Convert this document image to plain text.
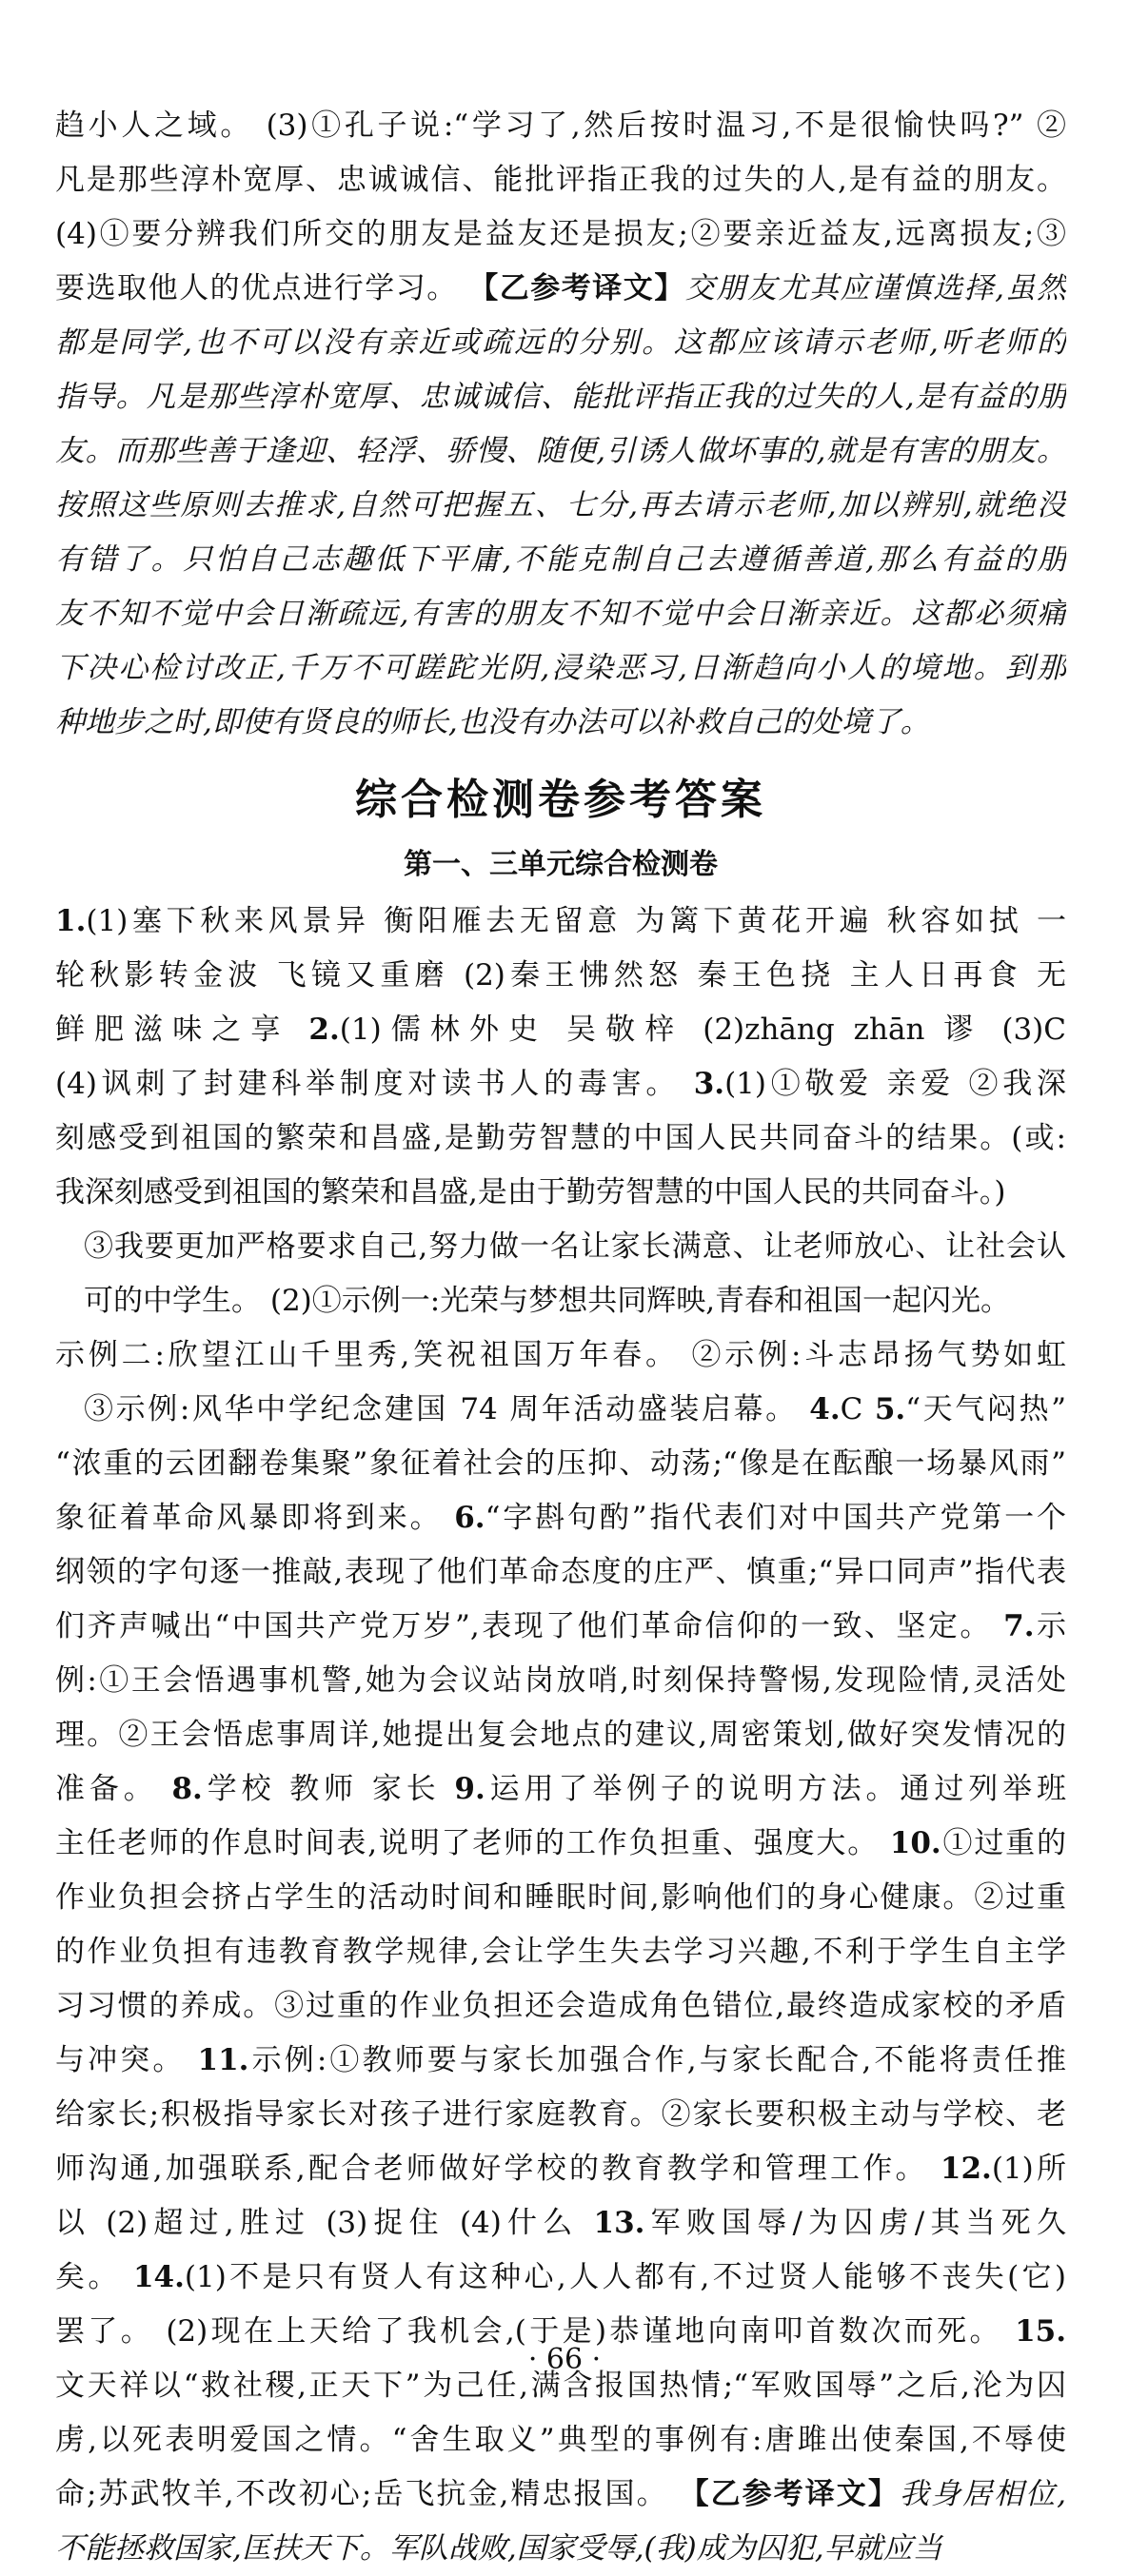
趋小人之域。 (3)①孔子说:“学习了,然后按时温习,不是很愉快吗?” ②

凡是那些淳朴宽厚、忠诚诚信、能批评指正我的过失的人,是有益的朋友。

(4)①要分辨我们所交的朋友是益友还是损友;②要亲近益友,远离损友;③

要选取他人的优点进行学习。 【乙参考译文】交朋友尤其应谨慎选择,虽然

都是同学,也不可以没有亲近或疏远的分别。这都应该请示老师,听老师的

指导。凡是那些淳朴宽厚、忠诚诚信、能批评指正我的过失的人,是有益的朋

友。而那些善于逢迎、轻浮、骄慢、随便,引诱人做坏事的,就是有害的朋友。

按照这些原则去推求,自然可把握五、七分,再去请示老师,加以辨别,就绝没

有错了。只怕自己志趣低下平庸,不能克制自己去遵循善道,那么有益的朋

友不知不觉中会日渐疏远,有害的朋友不知不觉中会日渐亲近。这都必须痛

下决心检讨改正,千万不可蹉跎光阴,浸染恶习,日渐趋向小人的境地。到那

种地步之时,即使有贤良的师长,也没有办法可以补救自己的处境了。

综合检测卷参考答案
第一、三单元综合检测卷

1.(1)塞下秋来风景异 衡阳雁去无留意 为篱下黄花开遍 秋容如拭 一

轮秋影转金波 飞镜又重磨 (2)秦王怫然怒 秦王色挠 主人日再食 无

鲜肥滋味之享 2.(1)儒林外史 吴敬梓 (2)zhāng zhān 谬 (3)C

(4)讽刺了封建科举制度对读书人的毒害。 3.(1)①敬爱 亲爱 ②我深

刻感受到祖国的繁荣和昌盛,是勤劳智慧的中国人民共同奋斗的结果。(或:

我深刻感受到祖国的繁荣和昌盛,是由于勤劳智慧的中国人民的共同奋斗。)

③我要更加严格要求自己,努力做一名让家长满意、让老师放心、让社会认

可的中学生。 (2)①示例一:光荣与梦想共同辉映,青春和祖国一起闪光。

示例二:欣望江山千里秀,笑祝祖国万年春。 ②示例:斗志昂扬气势如虹

③示例:风华中学纪念建国 74 周年活动盛装启幕。 4.C 5.“天气闷热”

“浓重的云团翻卷集聚”象征着社会的压抑、动荡;“像是在酝酿一场暴风雨”

象征着革命风暴即将到来。 6.“字斟句酌”指代表们对中国共产党第一个

纲领的字句逐一推敲,表现了他们革命态度的庄严、慎重;“异口同声”指代表

们齐声喊出“中国共产党万岁”,表现了他们革命信仰的一致、坚定。 7.示

例:①王会悟遇事机警,她为会议站岗放哨,时刻保持警惕,发现险情,灵活处

理。②王会悟虑事周详,她提出复会地点的建议,周密策划,做好突发情况的

准备。 8.学校 教师 家长 9.运用了举例子的说明方法。通过列举班

主任老师的作息时间表,说明了老师的工作负担重、强度大。 10.①过重的

作业负担会挤占学生的活动时间和睡眠时间,影响他们的身心健康。②过重

的作业负担有违教育教学规律,会让学生失去学习兴趣,不利于学生自主学

习习惯的养成。③过重的作业负担还会造成角色错位,最终造成家校的矛盾

与冲突。 11.示例:①教师要与家长加强合作,与家长配合,不能将责任推

给家长;积极指导家长对孩子进行家庭教育。②家长要积极主动与学校、老

师沟通,加强联系,配合老师做好学校的教育教学和管理工作。 12.(1)所

以 (2)超过,胜过 (3)捉住 (4)什么 13.军败国辱/为囚虏/其当死久

矣。 14.(1)不是只有贤人有这种心,人人都有,不过贤人能够不丧失(它)

罢了。 (2)现在上天给了我机会,(于是)恭谨地向南叩首数次而死。 15.

文天祥以“救社稷,正天下”为己任,满含报国热情;“军败国辱”之后,沦为囚

虏,以死表明爱国之情。“舍生取义”典型的事例有:唐雎出使秦国,不辱使

命;苏武牧羊,不改初心;岳飞抗金,精忠报国。 【乙参考译文】我身居相位,

不能拯救国家,匡扶天下。军队战败,国家受辱,(我)成为囚犯,早就应当

· 66 ·
